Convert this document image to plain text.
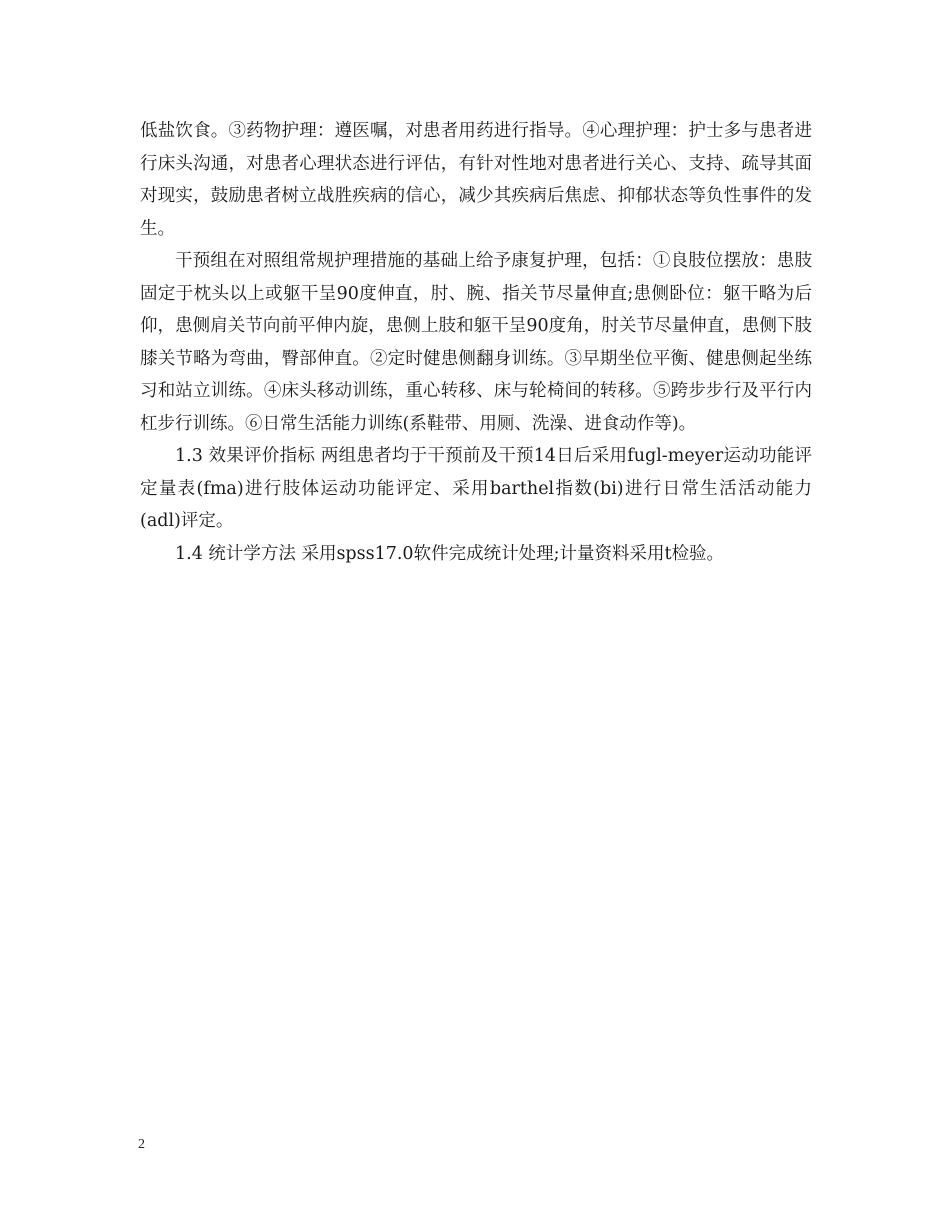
低盐饮食。③药物护理：遵医嘱，对患者用药进行指导。④心理护理：护士多与患者进行床头沟通，对患者心理状态进行评估，有针对性地对患者进行关心、支持、疏导其面对现实，鼓励患者树立战胜疾病的信心，减少其疾病后焦虑、抑郁状态等负性事件的发生。

干预组在对照组常规护理措施的基础上给予康复护理，包括：①良肢位摆放：患肢固定于枕头以上或躯干呈90度伸直，肘、腕、指关节尽量伸直;患侧卧位：躯干略为后仰，患侧肩关节向前平伸内旋，患侧上肢和躯干呈90度角，肘关节尽量伸直，患侧下肢膝关节略为弯曲，臀部伸直。②定时健患侧翻身训练。③早期坐位平衡、健患侧起坐练习和站立训练。④床头移动训练，重心转移、床与轮椅间的转移。⑤跨步步行及平行内杠步行训练。⑥日常生活能力训练(系鞋带、用厕、洗澡、进食动作等)。

1.3 效果评价指标 两组患者均于干预前及干预14日后采用fugl-meyer运动功能评定量表(fma)进行肢体运动功能评定、采用barthel指数(bi)进行日常生活活动能力(adl)评定。

1.4 统计学方法 采用spss17.0软件完成统计处理;计量资料采用t检验。

2
